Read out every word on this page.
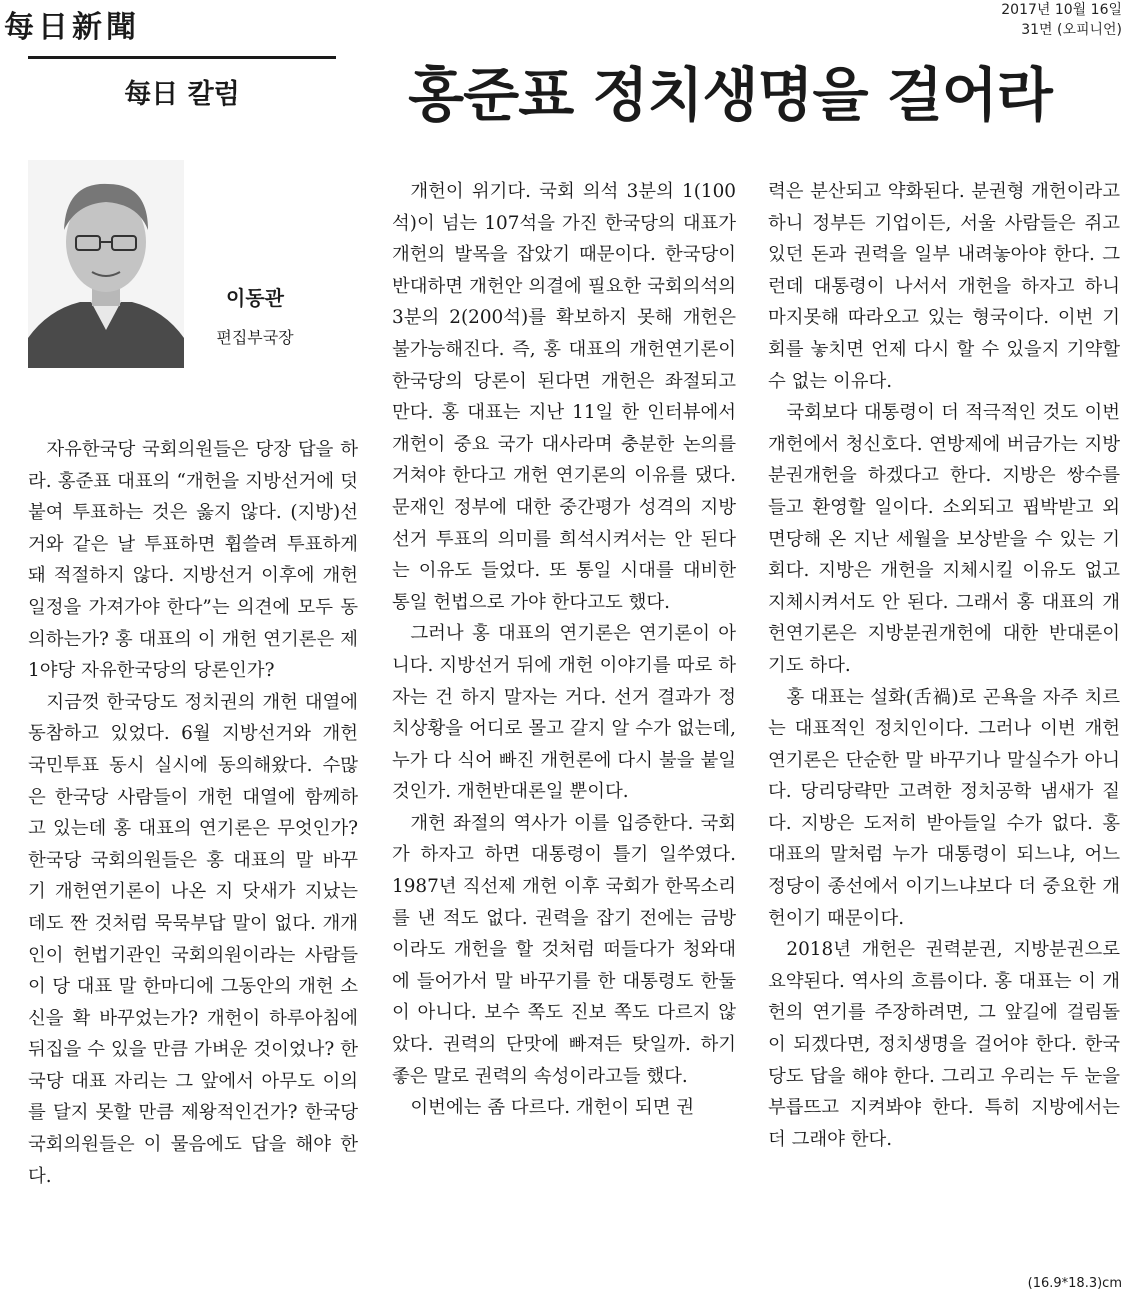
每日新聞	2017년 10월 16일
31면 (오피니언)
每日 칼럼	홍준표 정치생명을 걸어라
이동관
편집부국장

자유한국당 국회의원들은 당장 답을 하라. 홍준표 대표의 “개헌을 지방선거에 덧붙여 투표하는 것은 옳지 않다. (지방)선거와 같은 날 투표하면 휩쓸려 투표하게 돼 적절하지 않다. 지방선거 이후에 개헌 일정을 가져가야 한다”는 의견에 모두 동의하는가? 홍 대표의 이 개헌 연기론은 제1야당 자유한국당의 당론인가?

지금껏 한국당도 정치권의 개헌 대열에 동참하고 있었다. 6월 지방선거와 개헌 국민투표 동시 실시에 동의해왔다. 수많은 한국당 사람들이 개헌 대열에 함께하고 있는데 홍 대표의 연기론은 무엇인가? 한국당 국회의원들은 홍 대표의 말 바꾸기 개헌연기론이 나온 지 닷새가 지났는데도 짠 것처럼 묵묵부답 말이 없다. 개개인이 헌법기관인 국회의원이라는 사람들이 당 대표 말 한마디에 그동안의 개헌 소신을 확 바꾸었는가? 개헌이 하루아침에 뒤집을 수 있을 만큼 가벼운 것이었나? 한국당 대표 자리는 그 앞에서 아무도 이의를 달지 못할 만큼 제왕적인건가? 한국당 국회의원들은 이 물음에도 답을 해야 한다.

개헌이 위기다. 국회 의석 3분의 1(100석)이 넘는 107석을 가진 한국당의 대표가 개헌의 발목을 잡았기 때문이다. 한국당이 반대하면 개헌안 의결에 필요한 국회의석의 3분의 2(200석)를 확보하지 못해 개헌은 불가능해진다. 즉, 홍 대표의 개헌연기론이 한국당의 당론이 된다면 개헌은 좌절되고 만다. 홍 대표는 지난 11일 한 인터뷰에서 개헌이 중요 국가 대사라며 충분한 논의를 거쳐야 한다고 개헌 연기론의 이유를 댔다. 문재인 정부에 대한 중간평가 성격의 지방선거 투표의 의미를 희석시켜서는 안 된다는 이유도 들었다. 또 통일 시대를 대비한 통일 헌법으로 가야 한다고도 했다.

그러나 홍 대표의 연기론은 연기론이 아니다. 지방선거 뒤에 개헌 이야기를 따로 하자는 건 하지 말자는 거다. 선거 결과가 정치상황을 어디로 몰고 갈지 알 수가 없는데, 누가 다 식어 빠진 개헌론에 다시 불을 붙일 것인가. 개헌반대론일 뿐이다.

개헌 좌절의 역사가 이를 입증한다. 국회가 하자고 하면 대통령이 틀기 일쑤였다. 1987년 직선제 개헌 이후 국회가 한목소리를 낸 적도 없다. 권력을 잡기 전에는 금방이라도 개헌을 할 것처럼 떠들다가 청와대에 들어가서 말 바꾸기를 한 대통령도 한둘이 아니다. 보수 쪽도 진보 쪽도 다르지 않았다. 권력의 단맛에 빠져든 탓일까. 하기 좋은 말로 권력의 속성이라고들 했다.

이번에는 좀 다르다. 개헌이 되면 권

력은 분산되고 약화된다. 분권형 개헌이라고 하니 정부든 기업이든, 서울 사람들은 쥐고 있던 돈과 권력을 일부 내려놓아야 한다. 그런데 대통령이 나서서 개헌을 하자고 하니 마지못해 따라오고 있는 형국이다. 이번 기회를 놓치면 언제 다시 할 수 있을지 기약할 수 없는 이유다.

국회보다 대통령이 더 적극적인 것도 이번 개헌에서 청신호다. 연방제에 버금가는 지방분권개헌을 하겠다고 한다. 지방은 쌍수를 들고 환영할 일이다. 소외되고 핍박받고 외면당해 온 지난 세월을 보상받을 수 있는 기회다. 지방은 개헌을 지체시킬 이유도 없고 지체시켜서도 안 된다. 그래서 홍 대표의 개헌연기론은 지방분권개헌에 대한 반대론이기도 하다.

홍 대표는 설화(舌禍)로 곤욕을 자주 치르는 대표적인 정치인이다. 그러나 이번 개헌연기론은 단순한 말 바꾸기나 말실수가 아니다. 당리당략만 고려한 정치공학 냄새가 짙다. 지방은 도저히 받아들일 수가 없다. 홍 대표의 말처럼 누가 대통령이 되느냐, 어느 정당이 종선에서 이기느냐보다 더 중요한 개헌이기 때문이다.

2018년 개헌은 권력분권, 지방분권으로 요약된다. 역사의 흐름이다. 홍 대표는 이 개헌의 연기를 주장하려면, 그 앞길에 걸림돌이 되겠다면, 정치생명을 걸어야 한다. 한국당도 답을 해야 한다. 그리고 우리는 두 눈을 부릅뜨고 지켜봐야 한다. 특히 지방에서는 더 그래야 한다.

(16.9*18.3)cm
